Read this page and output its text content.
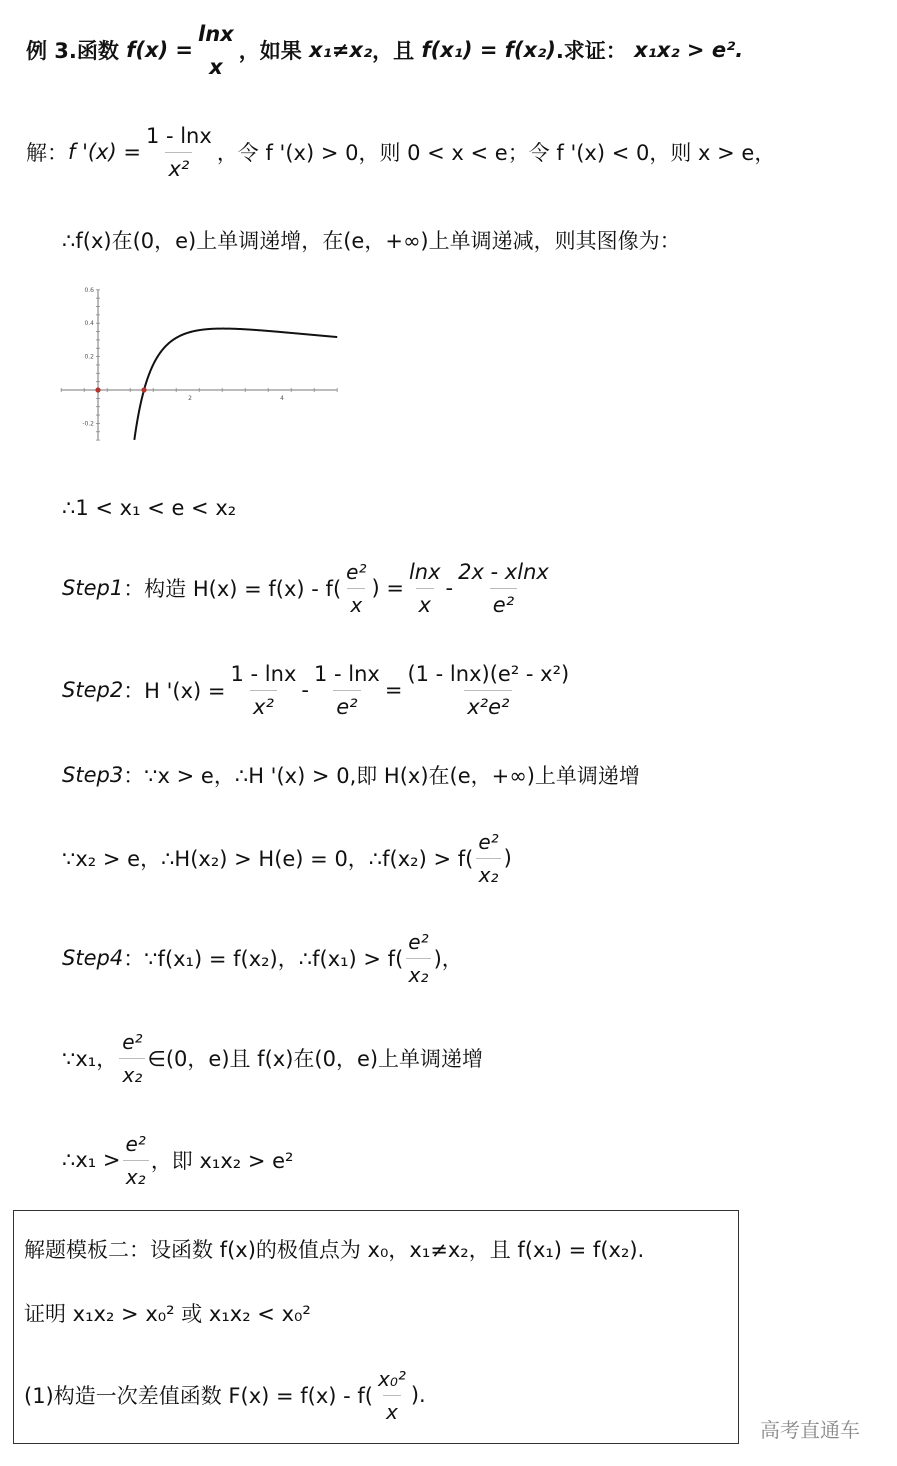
例 3.函数
$f(x) = \frac{\ln x}{x}$ ，如果
x₁≠x₂ ，且
f(x₁) = f(x₂) .求证：
x₁x₂ > e².
解： f '$(x) = \frac{1 - \ln x}{\text{x²}}$ ，令 f '(x) > 0，则 0 < x < e；令 f '(x) < 0，则 x > e，
∴f(x)在(0，e)上单调递增，在(e，+∞)上单调递减，则其图像为：
2	4
0.6
0.4
0.2
-0.2
∴1 < x₁ < e < x₂
Step1 ：构造 $H(x) = f(x) - f( \frac{\text{e²}}{x}$ ) = $\frac{\ln x}{x} - \frac{2x - xlnx}{\text{e²}}$
Step2 ：H '$(x) = \frac{1 - \ln x}{\text{x²}} - \frac{1 - \ln x}{\text{e²}} = \frac{\text{(1 - lnx)(e² - x²)}}{\text{x²e²}}$
Step3 ：∵x > e，∴H '(x) > 0,即 H(x)在(e，+∞)上单调递增
∵x₂ > e，∴H(x₂) > H(e) = 0，∴f(x₂) > $f( \frac{\text{e²}}{\text{x₂}}$ )
Step4 ：∵f(x₁) = f(x₂)，∴f(x₁) > $f( \frac{\text{e²}}{\text{x₂}}$ )，
∵x₁， $\frac{\text{e²}}{\text{x₂}}$ ∈(0，e)且 f(x)在(0，e)上单调递增
∴x₁ > $\frac{\text{e²}}{\text{x₂}}$ ，即 x₁x₂ > e²
解题模板二：设函数 f(x)的极值点为 x₀，x₁≠x₂，且 f(x₁) = f(x₂).
证明 x₁x₂ > x₀² 或 x₁x₂ < x₀²
(1)构造一次差值函数 $F(x) = f(x) - f( \frac{\text{x₀²}}{x}$ ).
高考直通车
